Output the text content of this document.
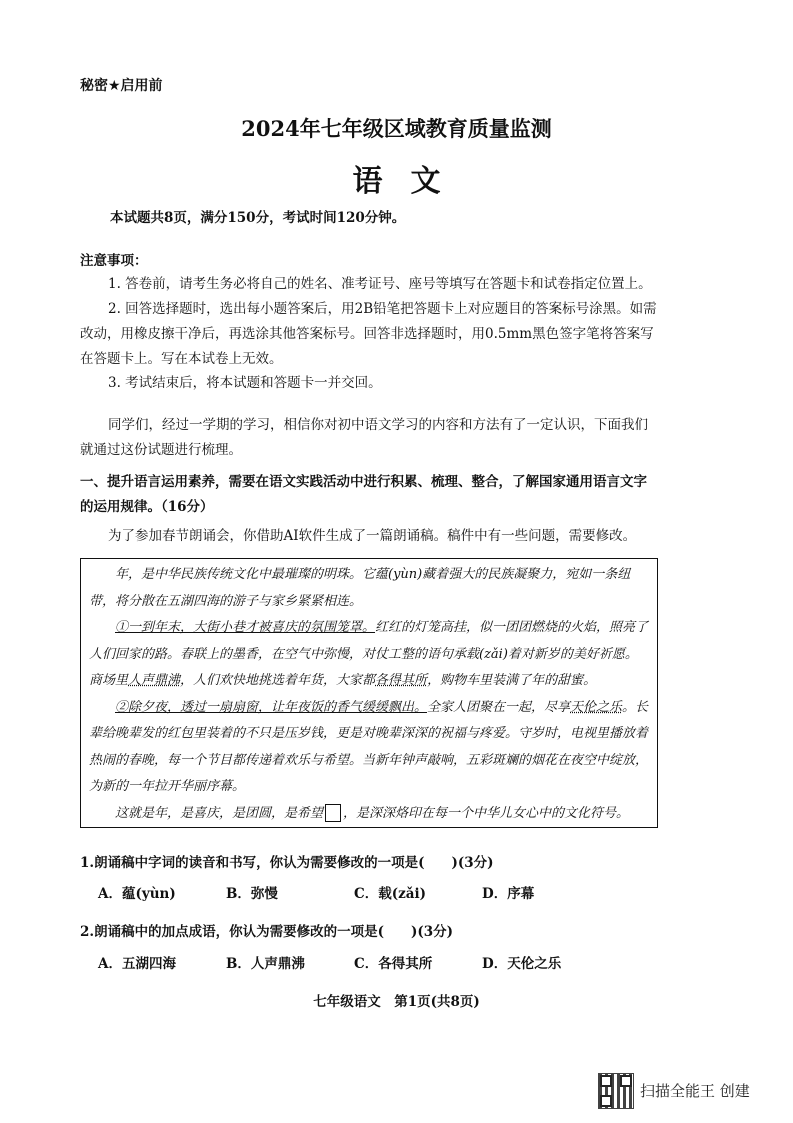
秘密★启用前
2024年七年级区域教育质量监测
语文
本试题共8页，满分150分，考试时间120分钟。
注意事项：
1. 答卷前，请考生务必将自己的姓名、准考证号、座号等填写在答题卡和试卷指定位置上。
2. 回答选择题时，选出每小题答案后，用2B铅笔把答题卡上对应题目的答案标号涂黑。如需改动，用橡皮擦干净后，再选涂其他答案标号。回答非选择题时，用0.5mm黑色签字笔将答案写在答题卡上。写在本试卷上无效。
3. 考试结束后，将本试题和答题卡一并交回。
同学们，经过一学期的学习，相信你对初中语文学习的内容和方法有了一定认识，下面我们就通过这份试题进行梳理。
一、提升语言运用素养，需要在语文实践活动中进行积累、梳理、整合，了解国家通用语言文字的运用规律。（16分）
为了参加春节朗诵会，你借助AI软件生成了一篇朗诵稿。稿件中有一些问题，需要修改。

年，是中华民族传统文化中最璀璨的明珠。它蕴(yùn)藏着强大的民族凝聚力，宛如一条纽带，将分散在五湖四海的游子与家乡紧紧相连。

①一到年末，大街小巷才被喜庆的氛围笼罩。红红的灯笼高挂，似一团团燃烧的火焰，照亮了人们回家的路。春联上的墨香，在空气中弥慢，对仗工整的语句承载(zǎi)着对新岁的美好祈愿。商场里人声鼎沸，人们欢快地挑选着年货，大家都各得其所，购物车里装满了年的甜蜜。

②除夕夜，透过一扇扇窗，让年夜饭的香气缓缓飘出。全家人团聚在一起，尽享天伦之乐。长辈给晚辈发的红包里装着的不只是压岁钱，更是对晚辈深深的祝福与疼爱。守岁时，电视里播放着热闹的春晚，每一个节目都传递着欢乐与希望。当新年钟声敲响，五彩斑斓的烟花在夜空中绽放，为新的一年拉开华丽序幕。

这就是年，是喜庆，是团圆，是希望 ，是深深烙印在每一个中华儿女心中的文化符号。

1.朗诵稿中字词的读音和书写，你认为需要修改的一项是(　　)(3分)
A．蕴(yùn)	B．弥慢	C．载(zǎi)	D．序幕
2.朗诵稿中的加点成语，你认为需要修改的一项是(　　)(3分)
A．五湖四海	B．人声鼎沸	C．各得其所	D．天伦之乐
七年级语文　第1页(共8页)
扫描全能王 创建
